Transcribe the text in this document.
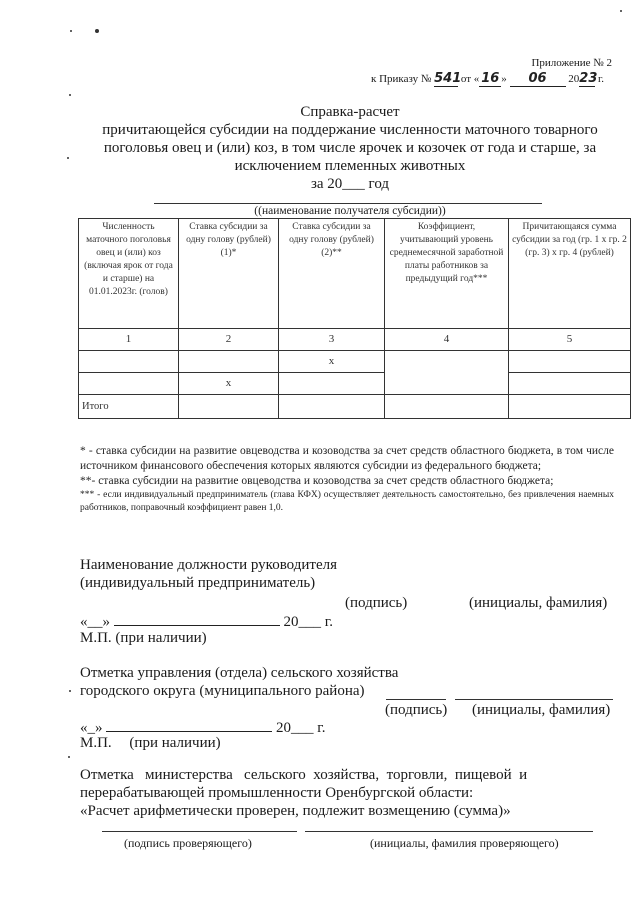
Приложение № 2
к Приказу № 541 от « 16 » 06 2023 г.
Справка-расчет
причитающейся субсидии на поддержание численности маточного товарного
поголовья овец и (или) коз, в том числе ярочек и козочек от года и старше, за
исключением племенных животных
за 20___ год
((наименование получателя субсидии))
Численность маточного поголовья овец и (или) коз (включая ярок от года и старше) на 01.01.2023г. (голов)	Ставка субсидии за одну голову (рублей)(1)*	Ставка субсидии за одну голову (рублей)(2)**	Коэффициент, учитывающий уровень среднемесячной заработной платы работников за предыдущий год***	Причитающаяся сумма субсидии за год (гр. 1 х гр. 2 (гр. 3) х гр. 4 (рублей)
1	2	3	4	5
		х		
	х			
Итого				
* - ставка субсидии на развитие овцеводства и козоводства за счет средств областного бюджета, в том числе источником финансового обеспечения которых являются субсидии из федерального бюджета;
**- ставка субсидии на развитие овцеводства и козоводства за счет средств областного бюджета;
*** - если индивидуальный предприниматель (глава КФХ) осуществляет деятельность самостоятельно, без привлечения наемных работников, поправочный коэффициент равен 1,0.
Наименование должности руководителя
(индивидуальный предприниматель)
(подпись)	(инициалы, фамилия)
«__»	20___ г.
М.П. (при наличии)
Отметка управления (отдела) сельского хозяйства
городского округа (муниципального района)
(подпись) (инициалы, фамилия)
«_»	20___ г.
М.П. (при наличии)
Отметка   министерства   сельского  хозяйства,  торговли,  пищевой  и
перерабатывающей промышленности Оренбургской области:
«Расчет арифметически проверен, подлежит возмещению (сумма)»
(подпись проверяющего)	(инициалы, фамилия проверяющего)
